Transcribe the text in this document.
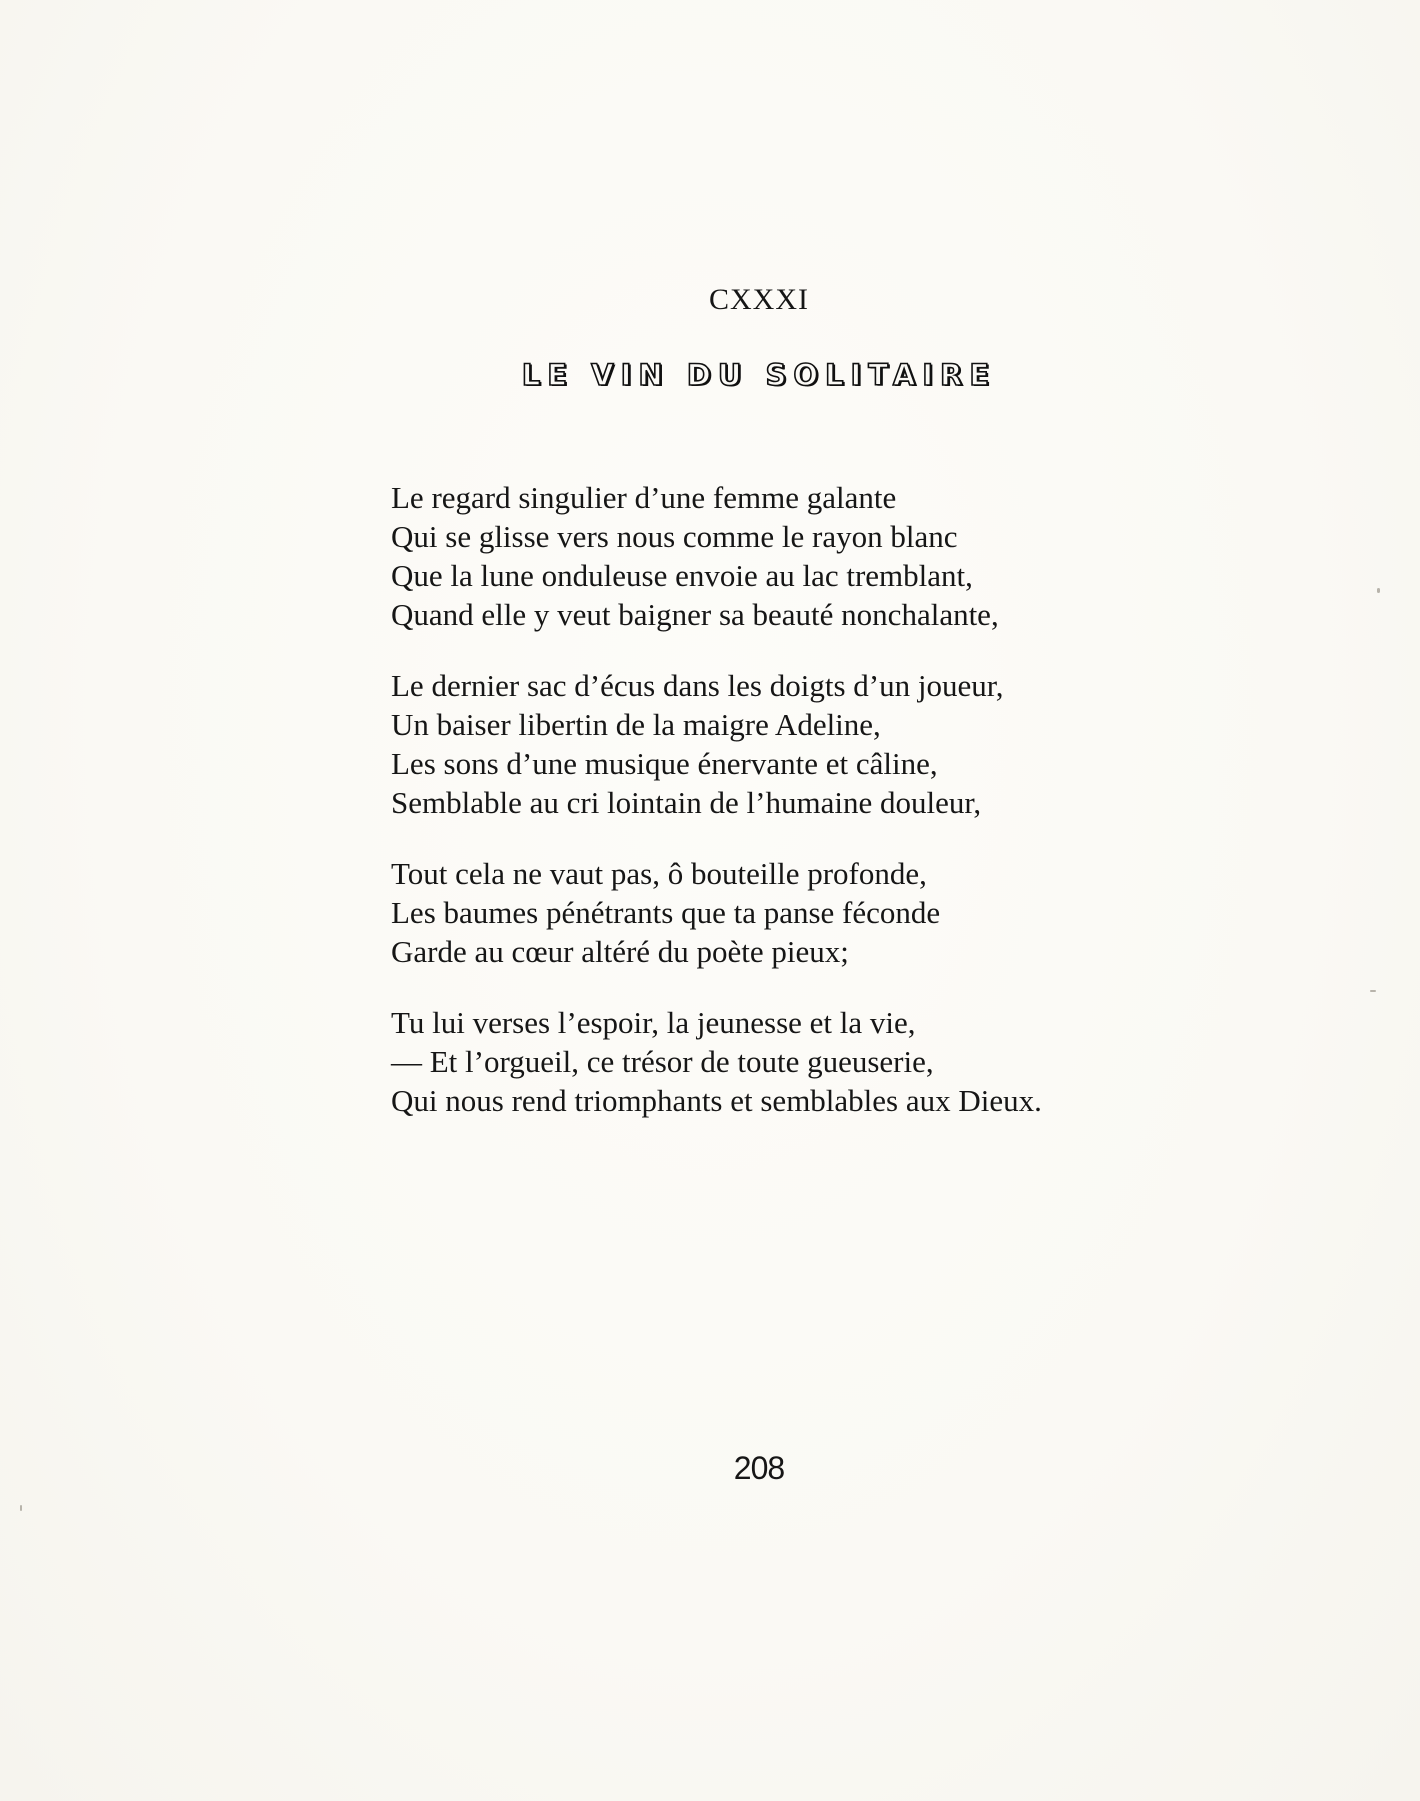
CXXXI
LE VIN DU SOLITAIRE
Le regard singulier d’une femme galante
Qui se glisse vers nous comme le rayon blanc
Que la lune onduleuse envoie au lac tremblant,
Quand elle y veut baigner sa beauté nonchalante,
Le dernier sac d’écus dans les doigts d’un joueur,
Un baiser libertin de la maigre Adeline,
Les sons d’une musique énervante et câline,
Semblable au cri lointain de l’humaine douleur,
Tout cela ne vaut pas, ô bouteille profonde,
Les baumes pénétrants que ta panse féconde
Garde au cœur altéré du poète pieux;
Tu lui verses l’espoir, la jeunesse et la vie,
— Et l’orgueil, ce trésor de toute gueuserie,
Qui nous rend triomphants et semblables aux Dieux.
208
